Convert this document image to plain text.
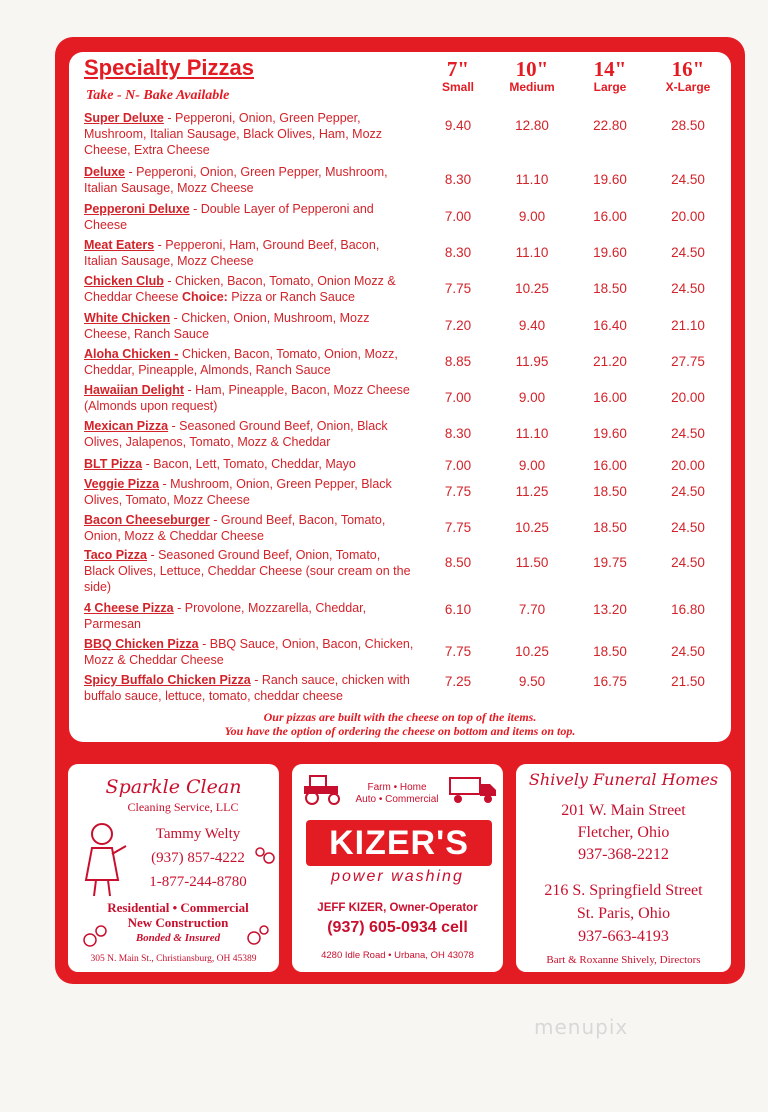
Specialty Pizzas
Take - N- Bake Available
7"
Small
10"
Medium
14"
Large
16"
X-Large
Super Deluxe - Pepperoni, Onion, Green Pepper, Mushroom, Italian Sausage, Black Olives, Ham, Mozz Cheese, Extra Cheese
9.40	12.80	22.80	28.50
Deluxe - Pepperoni, Onion, Green Pepper, Mushroom, Italian Sausage, Mozz Cheese
8.30	11.10	19.60	24.50
Pepperoni Deluxe - Double Layer of Pepperoni and Cheese
7.00	9.00	16.00	20.00
Meat Eaters - Pepperoni, Ham, Ground Beef, Bacon, Italian Sausage, Mozz Cheese
8.30	11.10	19.60	24.50
Chicken Club - Chicken, Bacon, Tomato, Onion Mozz & Cheddar Cheese Choice: Pizza or Ranch Sauce
7.75	10.25	18.50	24.50
White Chicken - Chicken, Onion, Mushroom, Mozz Cheese, Ranch Sauce
7.20	9.40	16.40	21.10
Aloha Chicken - Chicken, Bacon, Tomato, Onion, Mozz, Cheddar, Pineapple, Almonds, Ranch Sauce
8.85	11.95	21.20	27.75
Hawaiian Delight - Ham, Pineapple, Bacon, Mozz Cheese (Almonds upon request)
7.00	9.00	16.00	20.00
Mexican Pizza - Seasoned Ground Beef, Onion, Black Olives, Jalapenos, Tomato, Mozz & Cheddar
8.30	11.10	19.60	24.50
BLT Pizza - Bacon, Lett, Tomato, Cheddar, Mayo	7.00	9.00	16.00	20.00
Veggie Pizza - Mushroom, Onion, Green Pepper, Black Olives, Tomato, Mozz Cheese
7.75	11.25	18.50	24.50
Bacon Cheeseburger - Ground Beef, Bacon, Tomato, Onion, Mozz & Cheddar Cheese
7.75	10.25	18.50	24.50
Taco Pizza - Seasoned Ground Beef, Onion, Tomato, Black Olives, Lettuce, Cheddar Cheese (sour cream on the side)
8.50	11.50	19.75	24.50
4 Cheese Pizza - Provolone, Mozzarella, Cheddar, Parmesan
6.10	7.70	13.20	16.80
BBQ Chicken Pizza - BBQ Sauce, Onion, Bacon, Chicken, Mozz & Cheddar Cheese
7.75	10.25	18.50	24.50
Spicy Buffalo Chicken Pizza - Ranch sauce, chicken with buffalo sauce, lettuce, tomato, cheddar cheese
7.25	9.50	16.75	21.50
Our pizzas are built with the cheese on top of the items.
You have the option of ordering the cheese on bottom and items on top.
Sparkle Clean
Cleaning Service, LLC
Tammy Welty
(937) 857-4222
1-877-244-8780
Residential • Commercial
New Construction
Bonded & Insured
305 N. Main St., Christiansburg, OH 45389
Farm • Home
Auto • Commercial
KIZER'S
power washing
JEFF KIZER, Owner-Operator
(937) 605-0934 cell
4280 Idle Road • Urbana, OH 43078
Shively Funeral Homes
201 W. Main Street
Fletcher, Ohio
937-368-2212
216 S. Springfield Street
St. Paris, Ohio
937-663-4193
Bart & Roxanne Shively, Directors
menupix
